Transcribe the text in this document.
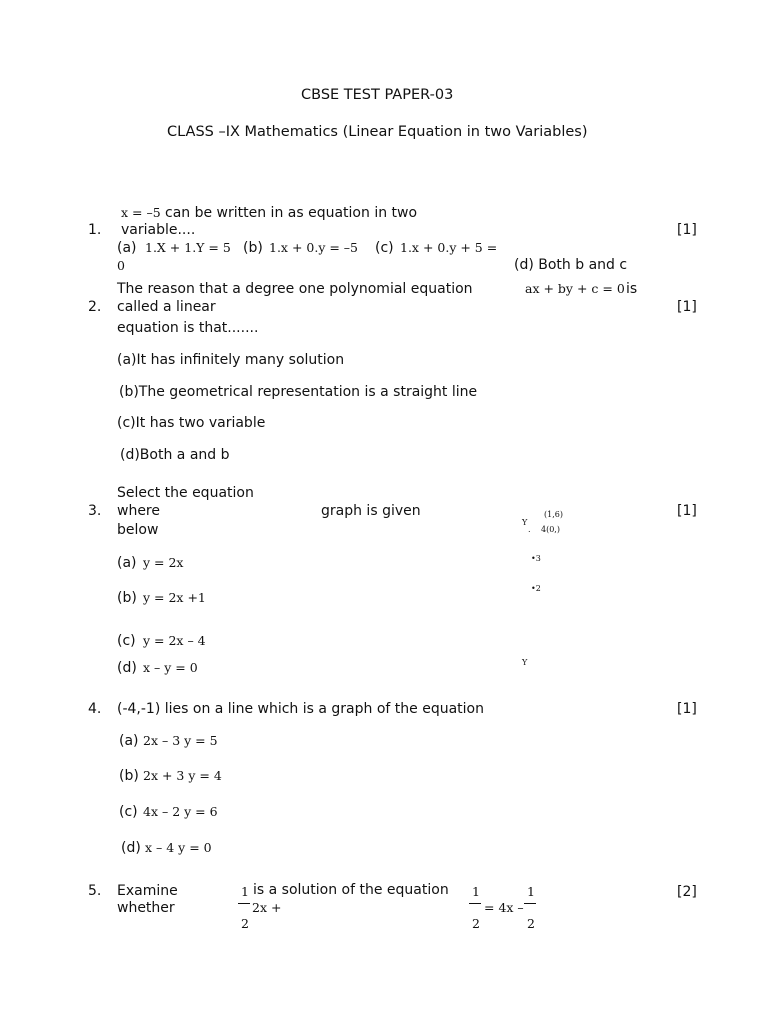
CBSE TEST PAPER-03
CLASS –IX Mathematics (Linear Equation in two Variables)
1.
x = –5 can be written in as equation in two
variable....
(a) 1.X + 1.Y = 5 (b) 1.x + 0.y = –5 (c) 1.x + 0.y + 5 =
0	(d) Both b and c
[1]
2.
The reason that a degree one polynomial equation	ax + by + c = 0 is
called a linear
equation is that.......
(a)It has infinitely many solution
(b)The geometrical representation is a straight line
(c)It has two variable
(d)Both a and b
[1]
3.
Select the equation
where	graph is given
below	Y
(1,6)
. 4(0,)
•3
•2
Y
(a) y = 2x
(b) y = 2x +1
(c) y = 2x – 4
(d) x – y = 0
[1]
4. (-4,-1) lies on a line which is a graph of the equation
(a) 2x – 3 y = 5
(b) 2x + 3 y = 4
(c) 4x – 2 y = 6
(d) x – 4 y = 0
[1]
5. Examine
whether
1
2
2x +
is a solution of the equation 1
2
= 4x –
1
2
[2]
